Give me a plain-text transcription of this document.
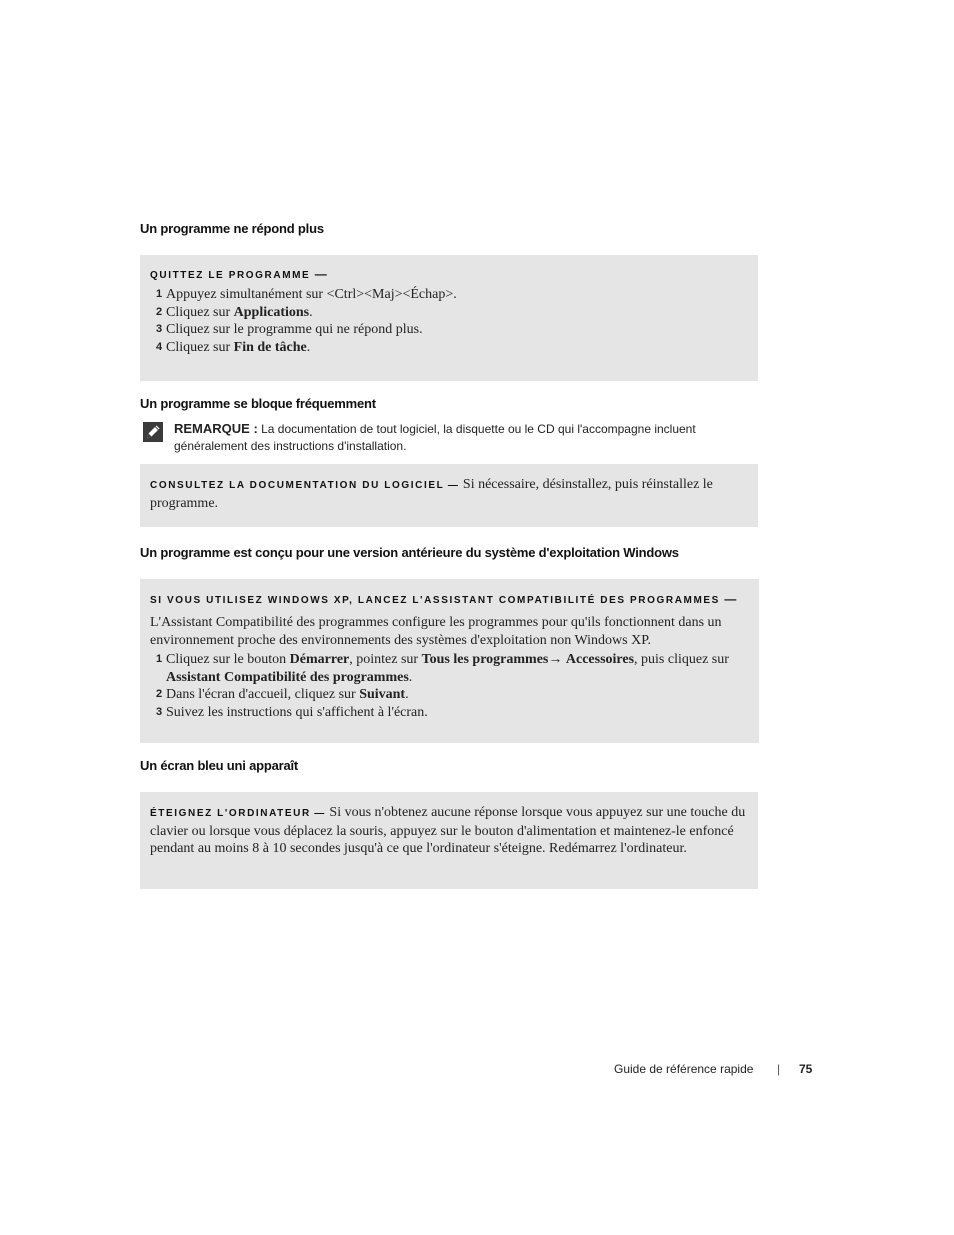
Un programme ne répond plus
QUITTEZ LE PROGRAMME —
1 Appuyez simultanément sur <Ctrl><Maj><Échap>.
2 Cliquez sur Applications.
3 Cliquez sur le programme qui ne répond plus.
4 Cliquez sur Fin de tâche.
Un programme se bloque fréquemment
REMARQUE : La documentation de tout logiciel, la disquette ou le CD qui l'accompagne incluent généralement des instructions d'installation.
CONSULTEZ LA DOCUMENTATION DU LOGICIEL — Si nécessaire, désinstallez, puis réinstallez le programme.
Un programme est conçu pour une version antérieure du système d'exploitation Windows
SI VOUS UTILISEZ WINDOWS XP, LANCEZ L'ASSISTANT COMPATIBILITÉ DES PROGRAMMES —
L'Assistant Compatibilité des programmes configure les programmes pour qu'ils fonctionnent dans un environnement proche des environnements des systèmes d'exploitation non Windows XP.
1 Cliquez sur le bouton Démarrer, pointez sur Tous les programmes→ Accessoires, puis cliquez sur Assistant Compatibilité des programmes.
2 Dans l'écran d'accueil, cliquez sur Suivant.
3 Suivez les instructions qui s'affichent à l'écran.
Un écran bleu uni apparaît
ÉTEIGNEZ L'ORDINATEUR — Si vous n'obtenez aucune réponse lorsque vous appuyez sur une touche du clavier ou lorsque vous déplacez la souris, appuyez sur le bouton d'alimentation et maintenez-le enfoncé pendant au moins 8 à 10 secondes jusqu'à ce que l'ordinateur s'éteigne. Redémarrez l'ordinateur.
Guide de référence rapide | 75
